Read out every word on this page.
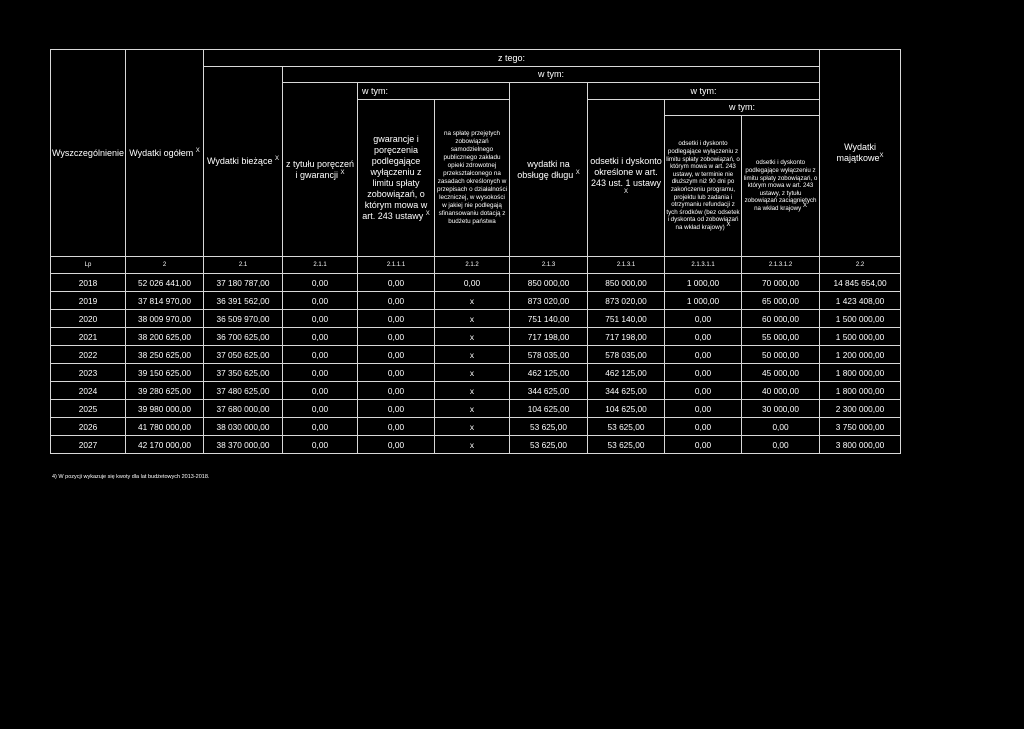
Wyszczególnienie	Wydatki ogółem $^X$	z tego:								Wydatki majątkowe$^X$
		Wydatki bieżące $^X$	w tym:							
			z tytułu poręczeń i gwarancji $^X$	w tym:		wydatki na obsługę długu $^X$	w tym:			
				gwarancje i poręczenia podlegające wyłączeniu z limitu spłaty zobowiązań, o którym mowa w art. 243 ustawy $^X$	na spłatę przejętych zobowiązań samodzielnego publicznego zakładu opieki zdrowotnej przekształconego na zasadach określonych w przepisach o działalności leczniczej, w wysokości w jakiej nie podlegają sfinansowaniu dotacją z budżetu państwa		odsetki i dyskonto określone w art. 243 ust. 1 ustawy $^X$	w tym:		
								odsetki i dyskonto podlegające wyłączeniu z limitu spłaty zobowiązań, o którym mowa w art. 243 ustawy, w terminie nie dłuższym niż 90 dni po zakończeniu programu, projektu lub zadania i otrzymaniu refundacji z tych środków (bez odsetek i dyskonta od zobowiązań na wkład krajowy) $^X$	odsetki i dyskonto podlegające wyłączeniu z limitu spłaty zobowiązań, o którym mowa w art. 243 ustawy, z tytułu zobowiązań zaciągniętych na wkład krajowy $^X$
Lp	2	2.1	2.1.1	2.1.1.1	2.1.2	2.1.3	2.1.3.1	2.1.3.1.1	2.1.3.1.2	2.2
2018	52 026 441,00	37 180 787,00	0,00	0,00	0,00	850 000,00	850 000,00	1 000,00	70 000,00	14 845 654,00
2019	37 814 970,00	36 391 562,00	0,00	0,00	x	873 020,00	873 020,00	1 000,00	65 000,00	1 423 408,00
2020	38 009 970,00	36 509 970,00	0,00	0,00	x	751 140,00	751 140,00	0,00	60 000,00	1 500 000,00
2021	38 200 625,00	36 700 625,00	0,00	0,00	x	717 198,00	717 198,00	0,00	55 000,00	1 500 000,00
2022	38 250 625,00	37 050 625,00	0,00	0,00	x	578 035,00	578 035,00	0,00	50 000,00	1 200 000,00
2023	39 150 625,00	37 350 625,00	0,00	0,00	x	462 125,00	462 125,00	0,00	45 000,00	1 800 000,00
2024	39 280 625,00	37 480 625,00	0,00	0,00	x	344 625,00	344 625,00	0,00	40 000,00	1 800 000,00
2025	39 980 000,00	37 680 000,00	0,00	0,00	x	104 625,00	104 625,00	0,00	30 000,00	2 300 000,00
2026	41 780 000,00	38 030 000,00	0,00	0,00	x	53 625,00	53 625,00	0,00	0,00	3 750 000,00
2027	42 170 000,00	38 370 000,00	0,00	0,00	x	53 625,00	53 625,00	0,00	0,00	3 800 000,00
4) W pozycji wykazuje się kwoty dla lat budżetowych 2013-2018.
